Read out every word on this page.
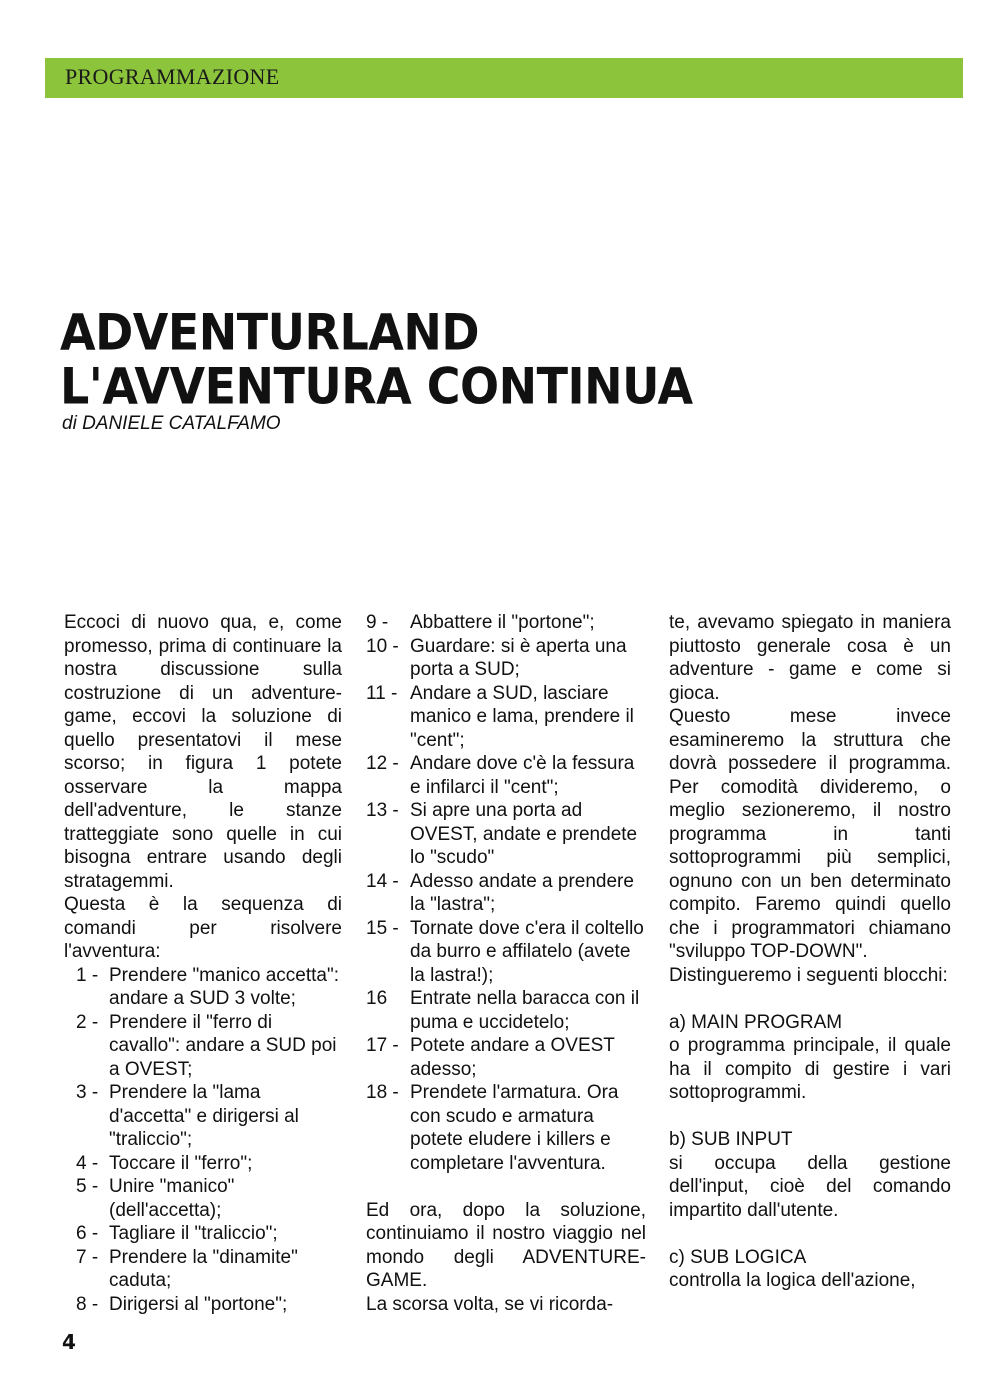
PROGRAMMAZIONE
ADVENTURLAND
L'AVVENTURA CONTINUA
di DANIELE CATALFAMO

Eccoci di nuovo qua, e, come promesso, prima di continuare la nostra discussione sulla costruzione di un adventure-game, eccovi la soluzione di quello presentatovi il mese scorso; in figura 1 potete osservare la mappa dell'adventure, le stanze tratteggiate sono quelle in cui bisogna entrare usando degli stratagemmi.

Questa è la sequenza di comandi per risolvere l'avventura:

1 - Prendere "manico accetta": andare a SUD 3 volte;
2 - Prendere il "ferro di cavallo": andare a SUD poi a OVEST;
3 - Prendere la "lama d'accetta" e dirigersi al "traliccio";
4 - Toccare il "ferro";
5 - Unire "manico" (dell'accetta);
6 - Tagliare il "traliccio";
7 - Prendere la "dinamite" caduta;
8 - Dirigersi al "portone";
9 - Abbattere il "portone";
10 - Guardare: si è aperta una porta a SUD;
11 - Andare a SUD, lasciare manico e lama, prendere il "cent";
12 - Andare dove c'è la fessura e infilarci il "cent";
13 - Si apre una porta ad OVEST, andate e prendete lo "scudo"
14 - Adesso andate a prendere la "lastra";
15 - Tornate dove c'era il coltello da burro e affilatelo (avete la lastra!);
16 Entrate nella baracca con il puma e uccidetelo;
17 - Potete andare a OVEST adesso;
18 - Prendete l'armatura. Ora con scudo e armatura potete eludere i killers e completare l'avventura.

Ed ora, dopo la soluzione, continuiamo il nostro viaggio nel mondo degli ADVENTURE-GAME.

La scorsa volta, se vi ricorda-

te, avevamo spiegato in maniera piuttosto generale cosa è un adventure - game e come si gioca.

Questo mese invece esamineremo la struttura che dovrà possedere il programma. Per comodità divideremo, o meglio sezioneremo, il nostro programma in tanti sottoprogrammi più semplici, ognuno con un ben determinato compito. Faremo quindi quello che i programmatori chiamano "sviluppo TOP-DOWN".

Distingueremo i seguenti blocchi:

a) MAIN PROGRAM

o programma principale, il quale ha il compito di gestire i vari sottoprogrammi.

b) SUB INPUT

si occupa della gestione dell'input, cioè del comando impartito dall'utente.

c) SUB LOGICA

controlla la logica dell'azione,

4
